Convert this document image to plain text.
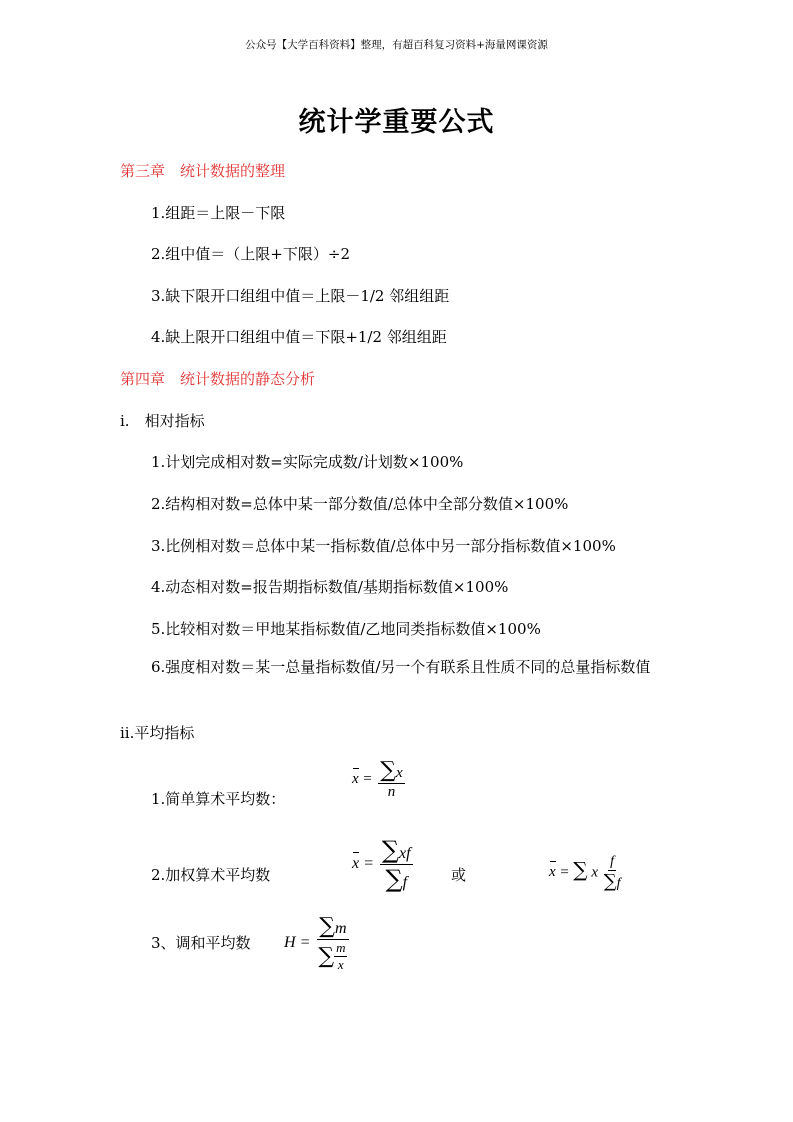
公众号【大学百科资料】整理，有超百科复习资料+海量网课资源
统计学重要公式
第三章　统计数据的整理
1.组距＝上限－下限
2.组中值＝（上限+下限）÷2
3.缺下限开口组组中值＝上限－1/2 邻组组距
4.缺上限开口组组中值＝下限+1/2 邻组组距
第四章　统计数据的静态分析
i.　相对指标
1.计划完成相对数=实际完成数/计划数×100%
2.结构相对数=总体中某一部分数值/总体中全部分数值×100%
3.比例相对数＝总体中某一指标数值/总体中另一部分指标数值×100%
4.动态相对数=报告期指标数值/基期指标数值×100%
5.比较相对数＝甲地某指标数值/乙地同类指标数值×100%
6.强度相对数＝某一总量指标数值/另一个有联系且性质不同的总量指标数值
ii.平均指标
1.简单算术平均数：
$x = \frac{\sum x}{n}$
2.加权算术平均数
$x = \frac{\sum xf}{\sum f}$	或	x = ∑ x $\frac{f}{\sum f}$
3、调和平均数 $H = \frac{\sum m}{\sum \frac{m}{x}}$
